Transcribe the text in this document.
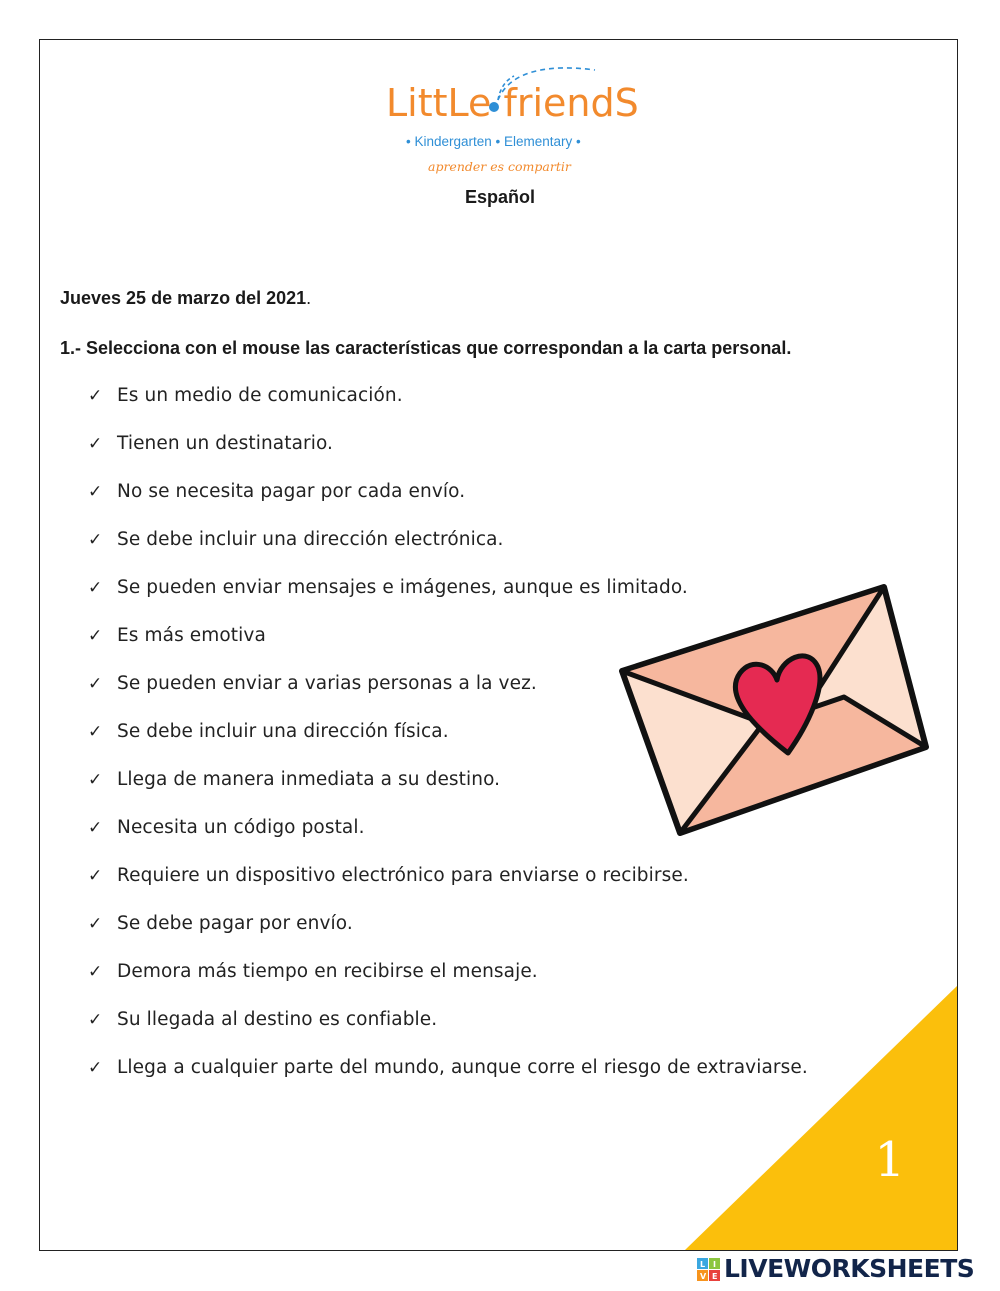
1
LittLe friendS
• Kindergarten • Elementary •
aprender es compartir
Español
Jueves 25 de marzo del 2021.
1.- Selecciona con el mouse las características que correspondan a la carta personal.
✓ Es un medio de comunicación.
✓ Tienen un destinatario.
✓ No se necesita pagar por cada envío.
✓ Se debe incluir una dirección electrónica.
✓ Se pueden enviar mensajes e imágenes, aunque es limitado.
✓ Es más emotiva
✓ Se pueden enviar a varias personas a la vez.
✓ Se debe incluir una dirección física.
✓ Llega de manera inmediata a su destino.
✓ Necesita un código postal.
✓ Requiere un dispositivo electrónico para enviarse o recibirse.
✓ Se debe pagar por envío.
✓ Demora más tiempo en recibirse el mensaje.
✓ Su llegada al destino es confiable.
✓ Llega a cualquier parte del mundo, aunque corre el riesgo de extraviarse.
L I
V E LIVEWORKSHEETS
